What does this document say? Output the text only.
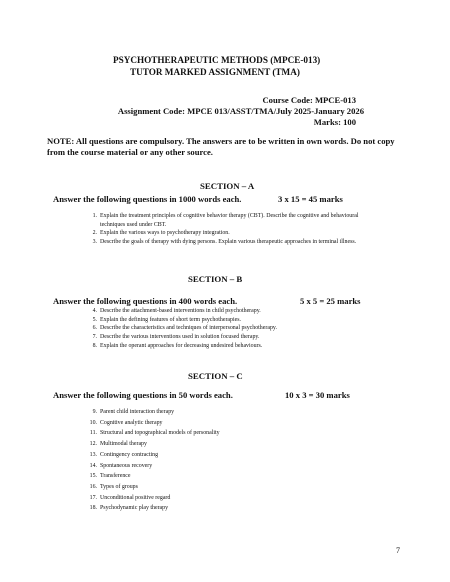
PSYCHOTHERAPEUTIC METHODS (MPCE-013)
TUTOR MARKED ASSIGNMENT (TMA)
Course Code: MPCE-013
Assignment Code: MPCE 013/ASST/TMA/July 2025-January 2026
Marks: 100
NOTE: All questions are compulsory. The answers are to be written in own words. Do not copy from the course material or any other source.
SECTION – A
Answer the following questions in 1000 words each.	3 x 15 = 45 marks
1. Explain the treatment principles of cognitive behavior therapy (CBT). Describe the cognitive and behavioural techniques used under CBT.
2. Explain the various ways to psychotherapy integration.
3. Describe the goals of therapy with dying persons. Explain various therapeutic approaches in terminal illness.
SECTION – B
Answer the following questions in 400 words each.	5 x 5 = 25 marks
4. Describe the attachment-based interventions in child psychotherapy.
5. Explain the defining features of short term psychotherapies.
6. Describe the characteristics and techniques of interpersonal psychotherapy.
7. Describe the various interventions used in solution focused therapy.
8. Explain the operant approaches for decreasing undesired behaviours.
SECTION – C
Answer the following questions in 50 words each.	10 x 3 = 30 marks
9. Parent child interaction therapy
10. Cognitive analytic therapy
11. Structural and topographical models of personality
12. Multimodal therapy
13. Contingency contracting
14. Spontaneous recovery
15. Transference
16. Types of groups
17. Unconditional positive regard
18. Psychodynamic play therapy
7
